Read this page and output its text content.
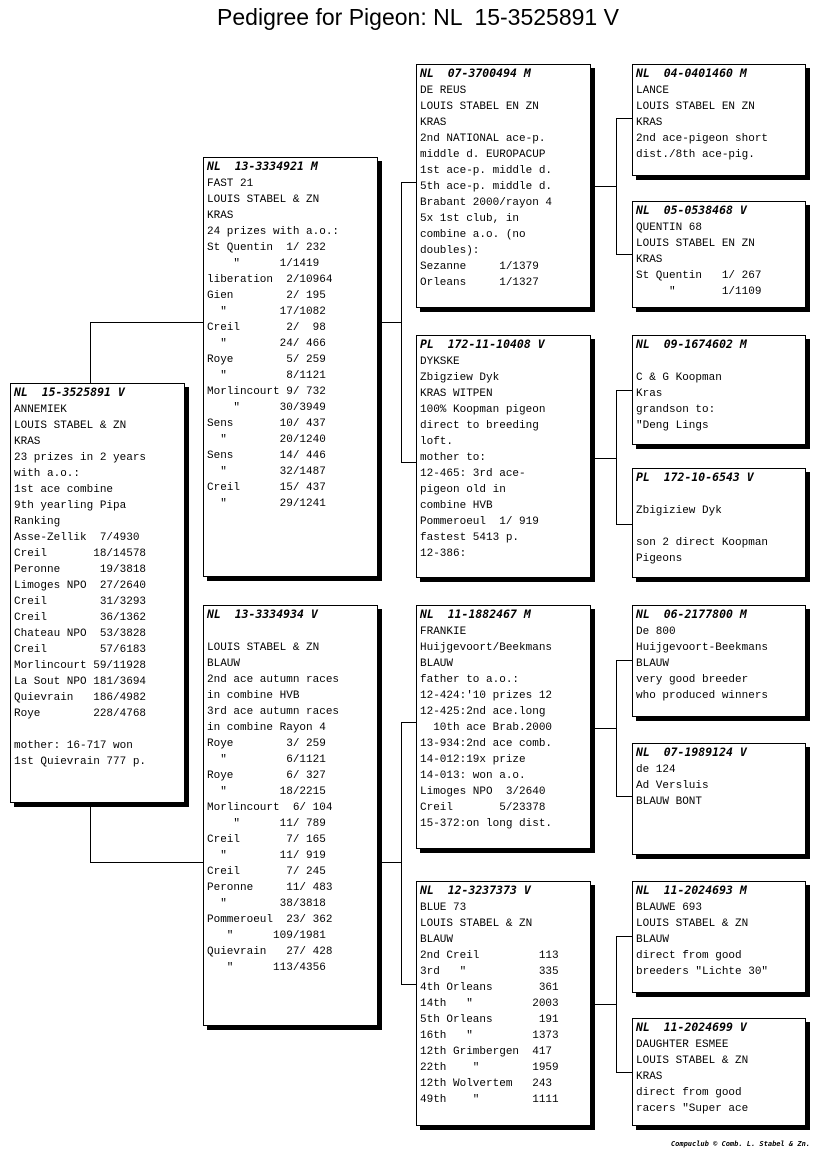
Pedigree for Pigeon: NL  15-3525891 V
NL  15-3525891 V
ANNEMIEK
LOUIS STABEL & ZN
KRAS
23 prizes in 2 years
with a.o.:
1st ace combine
9th yearling Pipa
Ranking
Asse-Zellik  7/4930
Creil       18/14578
Peronne      19/3818
Limoges NPO  27/2640
Creil        31/3293
Creil        36/1362
Chateau NPO  53/3828
Creil        57/6183
Morlincourt 59/11928
La Sout NPO 181/3694
Quievrain   186/4982
Roye        228/4768

mother: 16-717 won
1st Quievrain 777 p.
NL  13-3334921 M
FAST 21
LOUIS STABEL & ZN
KRAS
24 prizes with a.o.:
St Quentin  1/ 232
"      1/1419
liberation  2/10964
Gien        2/ 195
"        17/1082
Creil       2/  98
"        24/ 466
Roye        5/ 259
"         8/1121
Morlincourt 9/ 732
"      30/3949
Sens       10/ 437
"        20/1240
Sens       14/ 446
"        32/1487
Creil      15/ 437
"        29/1241
NL  13-3334934 V

LOUIS STABEL & ZN
BLAUW
2nd ace autumn races
in combine HVB
3rd ace autumn races
in combine Rayon 4
Roye        3/ 259
"         6/1121
Roye        6/ 327
"        18/2215
Morlincourt  6/ 104
"      11/ 789
Creil       7/ 165
"        11/ 919
Creil       7/ 245
Peronne     11/ 483
"        38/3818
Pommeroeul  23/ 362
"      109/1981
Quievrain   27/ 428
"      113/4356
NL  07-3700494 M
DE REUS
LOUIS STABEL EN ZN
KRAS
2nd NATIONAL ace-p.
middle d. EUROPACUP
1st ace-p. middle d.
5th ace-p. middle d.
Brabant 2000/rayon 4
5x 1st club, in
combine a.o. (no
doubles):
Sezanne     1/1379
Orleans     1/1327
PL  172-11-10408 V
DYKSKE
Zbigziew Dyk
KRAS WITPEN
100% Koopman pigeon
direct to breeding
loft.
mother to:
12-465: 3rd ace-
pigeon old in
combine HVB
Pommeroeul  1/ 919
fastest 5413 p.
12-386:
NL  11-1882467 M
FRANKIE
Huijgevoort/Beekmans
BLAUW
father to a.o.:
12-424:'10 prizes 12
12-425:2nd ace.long
10th ace Brab.2000
13-934:2nd ace comb.
14-012:19x prize
14-013: won a.o.
Limoges NPO  3/2640
Creil       5/23378
15-372:on long dist.
NL  12-3237373 V
BLUE 73
LOUIS STABEL & ZN
BLAUW
2nd Creil         113
3rd   "           335
4th Orleans       361
14th   "         2003
5th Orleans       191
16th   "         1373
12th Grimbergen  417
22th    "        1959
12th Wolvertem   243
49th    "        1111
NL  04-0401460 M
LANCE
LOUIS STABEL EN ZN
KRAS
2nd ace-pigeon short
dist./8th ace-pig.
NL  05-0538468 V
QUENTIN 68
LOUIS STABEL EN ZN
KRAS
St Quentin   1/ 267
"       1/1109
NL  09-1674602 M

C & G Koopman
Kras
grandson to:
"Deng Lings
PL  172-10-6543 V

Zbigiziew Dyk

son 2 direct Koopman
Pigeons
NL  06-2177800 M
De 800
Huijgevoort-Beekmans
BLAUW
very good breeder
who produced winners
NL  07-1989124 V
de 124
Ad Versluis
BLAUW BONT
NL  11-2024693 M
BLAUWE 693
LOUIS STABEL & ZN
BLAUW
direct from good
breeders "Lichte 30"
NL  11-2024699 V
DAUGHTER ESMEE
LOUIS STABEL & ZN
KRAS
direct from good
racers "Super ace
Compuclub © Comb. L. Stabel & Zn.
